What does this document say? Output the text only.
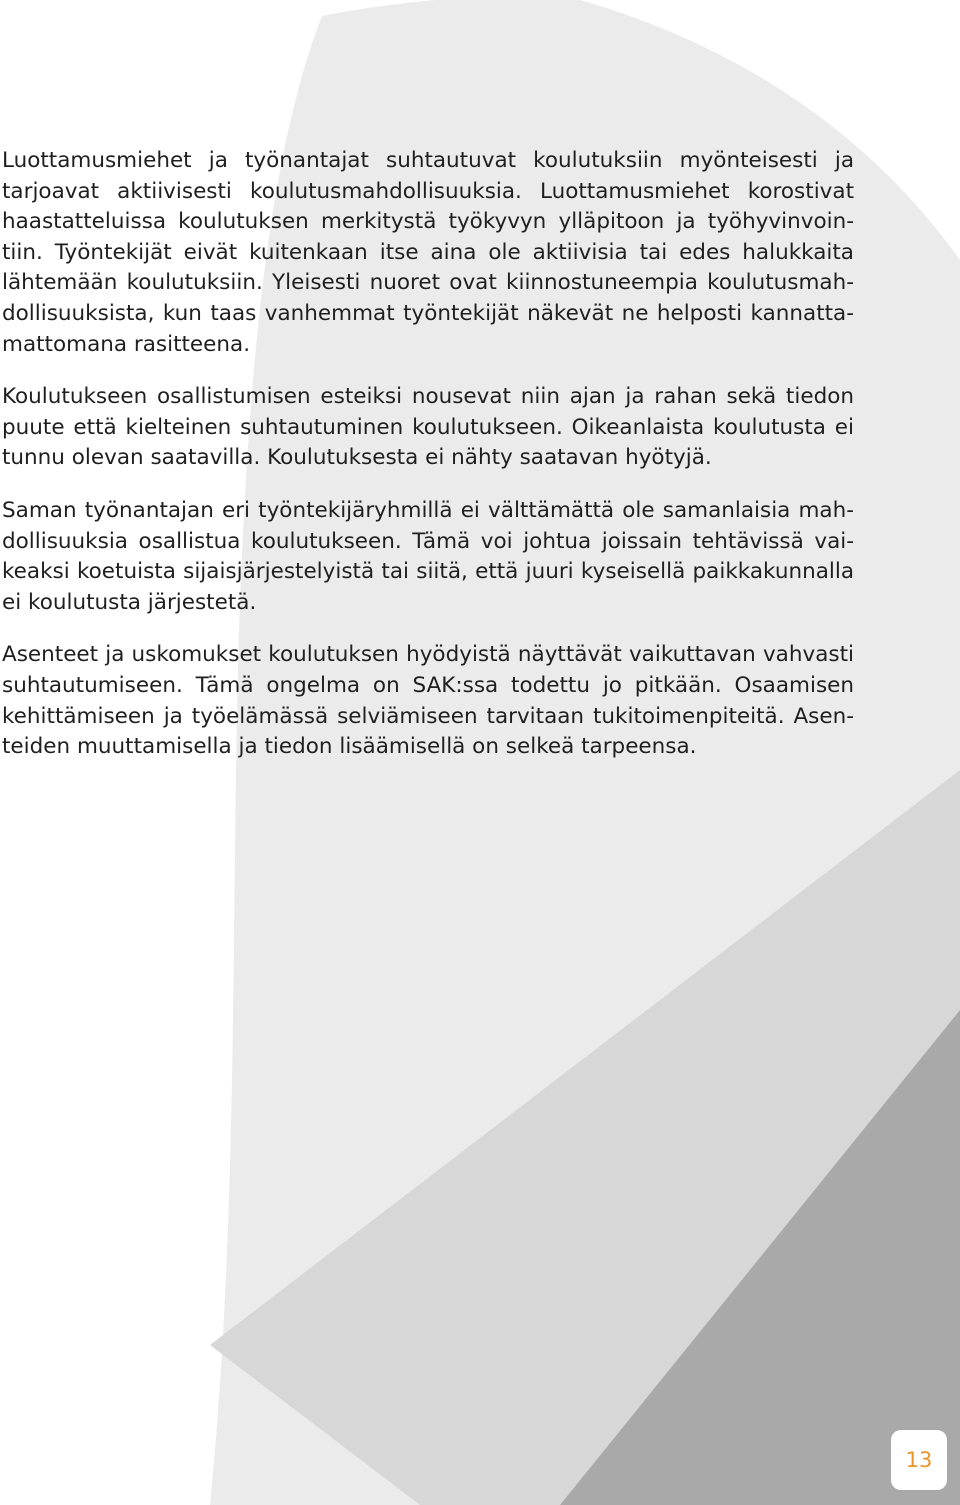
Luottamusmiehet ja työnantajat suhtautuvat koulutuksiin myönteisesti ja tarjoavat aktiivisesti koulutusmahdollisuuksia. Luottamusmiehet korostivat haastatteluissa koulutuksen merkitystä työkyvyn ylläpitoon ja työhyvinvointiin. Työntekijät eivät kuitenkaan itse aina ole aktiivisia tai edes halukkaita lähtemään koulutuksiin. Yleisesti nuoret ovat kiinnostuneempia koulutusmahdollisuuksista, kun taas vanhemmat työntekijät näkevät ne helposti kannattamattomana rasitteena.

Koulutukseen osallistumisen esteiksi nousevat niin ajan ja rahan sekä tiedon puute että kielteinen suhtautuminen koulutukseen. Oikeanlaista koulutusta ei tunnu olevan saatavilla. Koulutuksesta ei nähty saatavan hyötyjä.

Saman työnantajan eri työntekijäryhmillä ei välttämättä ole samanlaisia mahdollisuuksia osallistua koulutukseen. Tämä voi johtua joissain tehtävissä vaikeaksi koetuista sijaisjärjestelyistä tai siitä, että juuri kyseisellä paikkakunnalla ei koulutusta järjestetä.

Asenteet ja uskomukset koulutuksen hyödyistä näyttävät vaikuttavan vahvasti suhtautumiseen. Tämä ongelma on SAK:ssa todettu jo pitkään. Osaamisen kehittämiseen ja työelämässä selviämiseen tarvitaan tukitoimenpiteitä. Asenteiden muuttamisella ja tiedon lisäämisellä on selkeä tarpeensa.

13
